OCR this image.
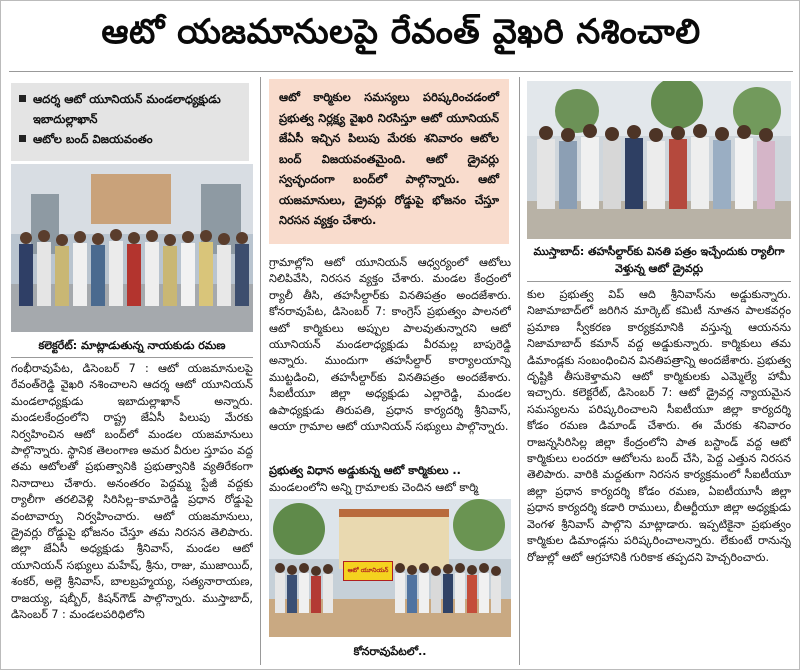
ఆటో యజమానులపై రేవంత్ వైఖరి నశించాలి
ఆదర్శ ఆటో యూనియన్ మండలాధ్యక్షుడు ఇబాదుల్లాఖాన్
ఆటోల బంద్ విజయవంతం
కలెక్టరేట్: మాట్లాడుతున్న నాయకుడు రమణ

గంభీరావుపేట, డిసెంబర్ 7 : ఆటో యజమానులపై రేవంత్‌రెడ్డి వైఖరి నశించాలని ఆదర్శ ఆటో యూనియన్ మండలాధ్యక్షుడు ఇబాదుల్లాఖాన్ అన్నారు. మండలకేంద్రంలోని రాష్ట్ర జేఏసీ పిలుపు మేరకు నిర్వహించిన ఆటో బంద్‌లో మండల యజమానులు పాల్గొన్నారు. స్థానిక తెలంగాణ అమర వీరుల స్తూపం వద్ద తమ ఆటోలతో ప్రభుత్వానికి ప్రభుత్వానికి వ్యతిరేకంగా నినాదాలు చేశారు. అనంతరం పెద్దమ్మ స్టేజీ వద్దకు ర్యాలీగా తరలివెళ్లి సిరిసిల్ల–కామారెడ్డి ప్రధాన రోడ్డుపై వంటావార్పు నిర్వహించారు. ఆటో యజమానులు, డ్రైవర్లు రోడ్డుపై భోజనం చేస్తూ తమ నిరసన తెలిపారు. జిల్లా జేఏసీ అధ్యక్షుడు శ్రీనివాస్, మండల ఆటో యూనియన్ సభ్యులు మహేష్, శ్రీను, రాజు, ముజాయిద్, శంకర్, అల్లె శ్రీనివాస్, బాలబ్రహ్మయ్య, సత్యనారాయణ, రాజయ్య, షబ్బీర్, కిషన్‌గౌడ్ పాల్గొన్నారు. ముస్తాబాద్, డిసెంబర్ 7 : మండలపరిధిలోని

ఆటో కార్మికుల సమస్యలు పరిష్కరించడంలో ప్రభుత్వ నిర్లక్ష్య వైఖరి నిరసిస్తూ ఆటో యూనియన్ జేఏసీ ఇచ్చిన పిలుపు మేరకు శనివారం ఆటోల బంద్ విజయవంతమైంది. ఆటో డ్రైవర్లు స్వచ్ఛందంగా బంద్‌లో పాల్గొన్నారు. ఆటో యజమానులు, డ్రైవర్లు రోడ్డుపై భోజనం చేస్తూ నిరసన వ్యక్తం చేశారు.

గ్రామాల్లోని ఆటో యూనియన్ ఆధ్వర్యంలో ఆటోలు నిలిపివేసి, నిరసన వ్యక్తం చేశారు. మండల కేంద్రంలో ర్యాలీ తీసి, తహసీల్దార్‌కు వినతిపత్రం అందజేశారు. కోనరావుపేట, డిసెంబర్ 7: కాంగ్రెస్ ప్రభుత్వం పాలనలో ఆటో కార్మికులు అప్పుల పాలవుతున్నారని ఆటో యూనియన్ మండలాధ్యక్షుడు వీరమల్ల బాపురెడ్డి అన్నారు. ముందుగా తహసీల్దార్ కార్యాలయాన్ని ముట్టడించి, తహసీల్దార్‌కు వినతిపత్రం అందజేశారు. సీఐటీయూ జిల్లా అధ్యక్షుడు ఎల్లారెడ్డి, మండల ఉపాధ్యక్షుడు తిరుపతి, ప్రధాన కార్యదర్శి శ్రీనివాస్, ఆయా గ్రామాల ఆటో యూనియన్ సభ్యులు పాల్గొన్నారు.

ప్రభుత్వ విధాన అడ్డుకున్న ఆటో కార్మికులు ..
మండలంలోని అన్ని గ్రామాలకు చెందిన ఆటో కార్మి
ఆటో యూనియన్
కోనరావుపేటలో..
ముస్తాబాద్: తహసీల్దార్‌కు వినతి పత్రం ఇచ్చేందుకు ర్యాలీగా వెళ్తున్న ఆటో డ్రైవర్లు

కుల ప్రభుత్వ విప్ ఆది శ్రీనివాస్‌ను అడ్డుకున్నారు. నిజామాబాద్‌లో జరిగిన మార్కెట్ కమిటీ నూతన పాలకవర్గం ప్రమాణ స్వీకరణ కార్యక్రమానికి వస్తున్న ఆయనను నిజామాబాద్ కమాన్ వద్ద అడ్డుకున్నారు. కార్మికులు తమ డిమాండ్లకు సంబంధించిన వినతిపత్రాన్ని అందజేశారు. ప్రభుత్వ దృష్టికి తీసుకెళ్తామని ఆటో కార్మికులకు ఎమ్మెల్యే హామీ ఇచ్చారు. కలెక్టరేట్, డిసెంబర్ 7: ఆటో డ్రైవర్ల న్యాయమైన సమస్యలను పరిష్కరించాలని సీఐటీయూ జిల్లా కార్యదర్శి కోడం రమణ డిమాండ్ చేశారు. ఈ మేరకు శనివారం రాజన్నసిరిసిల్ల జిల్లా కేంద్రంలోని పాత బస్టాండ్ వద్ద ఆటో కార్మికులు లందరూ ఆటోలను బంద్ చేసి, పెద్ద ఎత్తున నిరసన తెలిపారు. వారికి మద్దతుగా నిరసన కార్యక్రమంలో సీఐటీయూ జిల్లా ప్రధాన కార్యదర్శి కోడం రమణ, ఏఐటీయూసీ జిల్లా ప్రధాన కార్యదర్శి కడారి రాములు, బీఆర్టీయూ జిల్లా అధ్యక్షుడు వెంగళ శ్రీనివాస్ పాల్గొని మాట్లాడారు. ఇప్పటికైనా ప్రభుత్వం కార్మికుల డిమాండ్లను పరిష్కరించాలన్నారు. లేకుంటే రానున్న రోజుల్లో ఆటో ఆగ్రహానికి గురికాక తప్పదని హెచ్చరించారు.
